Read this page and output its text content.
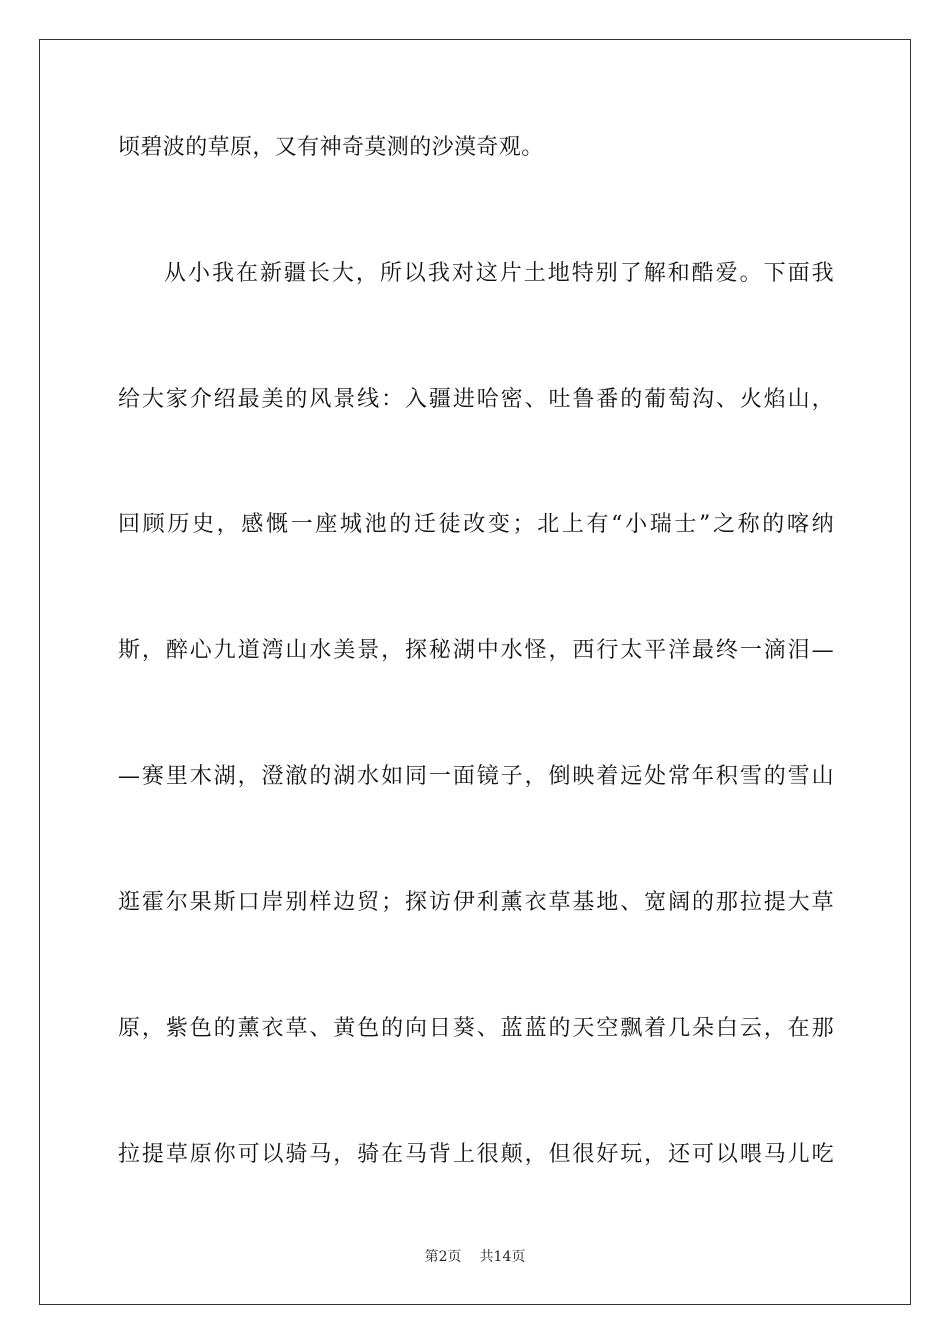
顷碧波的草原，又有神奇莫测的沙漠奇观。
从小我在新疆长大，所以我对这片土地特别了解和酷爱。下面我
给大家介绍最美的风景线：入疆进哈密、吐鲁番的葡萄沟、火焰山，
回顾历史，感慨一座城池的迁徒改变；北上有“小瑞士”之称的喀纳
斯，醉心九道湾山水美景，探秘湖中水怪，西行太平洋最终一滴泪—
—赛里木湖，澄澈的湖水如同一面镜子，倒映着远处常年积雪的雪山
逛霍尔果斯口岸别样边贸；探访伊利薰衣草基地、宽阔的那拉提大草
原，紫色的薰衣草、黄色的向日葵、蓝蓝的天空飘着几朵白云，在那
拉提草原你可以骑马，骑在马背上很颠，但很好玩，还可以喂马儿吃
第2页 共14页
